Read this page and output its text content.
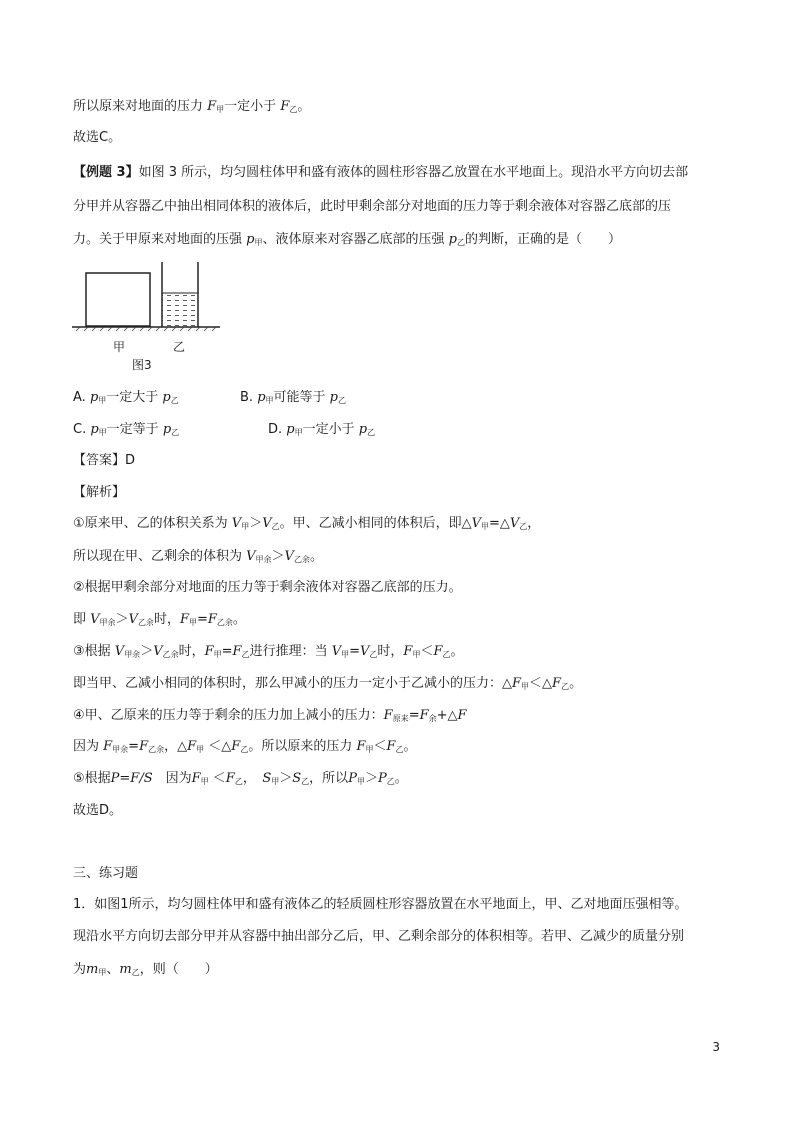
所以原来对地面的压力 $F_甲$一定小于 $F_乙$。
故选C。
【例题 3】如图 3 所示，均匀圆柱体甲和盛有液体的圆柱形容器乙放置在水平地面上。现沿水平方向切去部
分甲并从容器乙中抽出相同体积的液体后，此时甲剩余部分对地面的压力等于剩余液体对容器乙底部的压
力。关于甲原来对地面的压强 $p_甲$、液体原来对容器乙底部的压强 $p_乙$的判断，正确的是（　　）
甲	乙
图3
A. $p_甲$一定大于 $p_乙$	B. $p_甲$可能等于 $p_乙$
C. $p_甲$一定等于 $p_乙$	D. $p_甲$一定小于 $p_乙$
【答案】D
【解析】
①原来甲、乙的体积关系为 $V_甲>V_乙$。甲、乙减小相同的体积后，即$\triangle V_甲=\triangle V_乙$，
所以现在甲、乙剩余的体积为 $V_{甲余}>V_{乙余}$。
②根据甲剩余部分对地面的压力等于剩余液体对容器乙底部的压力。
即 $V_{甲余}>V_{乙余}$时，$F_甲=F_{乙余}$。
③根据 $V_{甲余}>V_{乙余}$时，$F_甲=F_乙$进行推理：当 $V_甲=V_乙$时，$F_甲<F_乙$。
即当甲、乙减小相同的体积时，那么甲减小的压力一定小于乙减小的压力：$\triangle F_甲<\triangle F_乙$。
④甲、乙原来的压力等于剩余的压力加上减小的压力：$F_{原来}=F_余+\triangle F$
因为 $F_{甲余}=F_{乙余}$，$\triangle F_甲$ $<\triangle F_乙$。所以原来的压力 $F_甲<F_乙$。
⑤根据P=F/S　因为$F_甲 <F_乙$，　$S_甲>S_乙$，所以$P_甲>P_乙$。
故选D。
三、练习题
1．如图1所示，均匀圆柱体甲和盛有液体乙的轻质圆柱形容器放置在水平地面上，甲、乙对地面压强相等。
现沿水平方向切去部分甲并从容器中抽出部分乙后，甲、乙剩余部分的体积相等。若甲、乙减少的质量分别
为$m_甲$、$m_乙$，则（　　）
3
